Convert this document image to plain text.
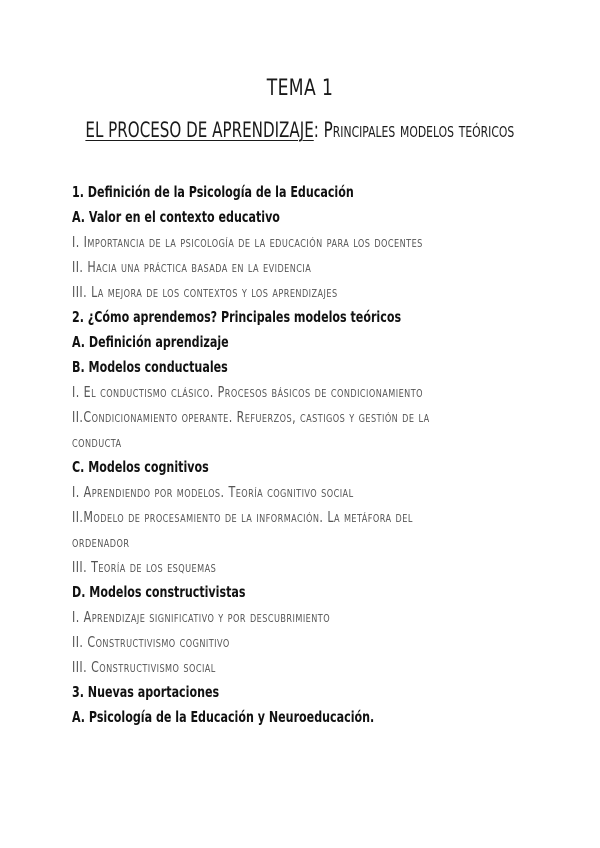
TEMA 1
EL PROCESO DE APRENDIZAJE: Principales modelos teóricos
1. Definición de la Psicología de la Educación
A. Valor en el contexto educativo
I. Importancia de la psicología de la educación para los docentes
II. Hacia una práctica basada en la evidencia
III. La mejora de los contextos y los aprendizajes
2. ¿Cómo aprendemos? Principales modelos teóricos
A. Definición aprendizaje
B. Modelos conductuales
I. El conductismo clásico. Procesos básicos de condicionamiento
II.Condicionamiento operante. Refuerzos, castigos y gestión de la
conducta
C. Modelos cognitivos
I. Aprendiendo por modelos. Teoría cognitivo social
II.Modelo de procesamiento de la información. La metáfora del
ordenador
III. Teoría de los esquemas
D. Modelos constructivistas
I. Aprendizaje significativo y por descubrimiento
II. Constructivismo cognitivo
III. Constructivismo social
3. Nuevas aportaciones
A. Psicología de la Educación y Neuroeducación.
